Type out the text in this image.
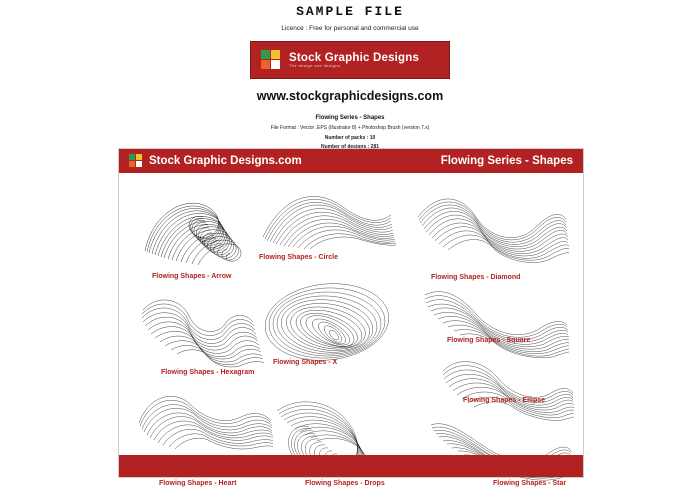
SAMPLE FILE
Licence : Free for personal and commercial use
Stock Graphic Designs
The design one designs
www.stockgraphicdesigns.com
Flowing Series - Shapes
File Format : Vector .EPS (Illustrator 8) + Photoshop Brush (version 7.x)
Number of packs : 10
Stock Graphic Designs.com	Flowing Series - Shapes
Flowing Shapes - Arrow
Flowing Shapes - Circle
Flowing Shapes - Diamond
Flowing Shapes - Hexagram
Flowing Shapes - X
Flowing Shapes - Square
Flowing Shapes - Ellipse
Flowing Shapes - Heart	Flowing Shapes - Drops	Flowing Shapes - Star
